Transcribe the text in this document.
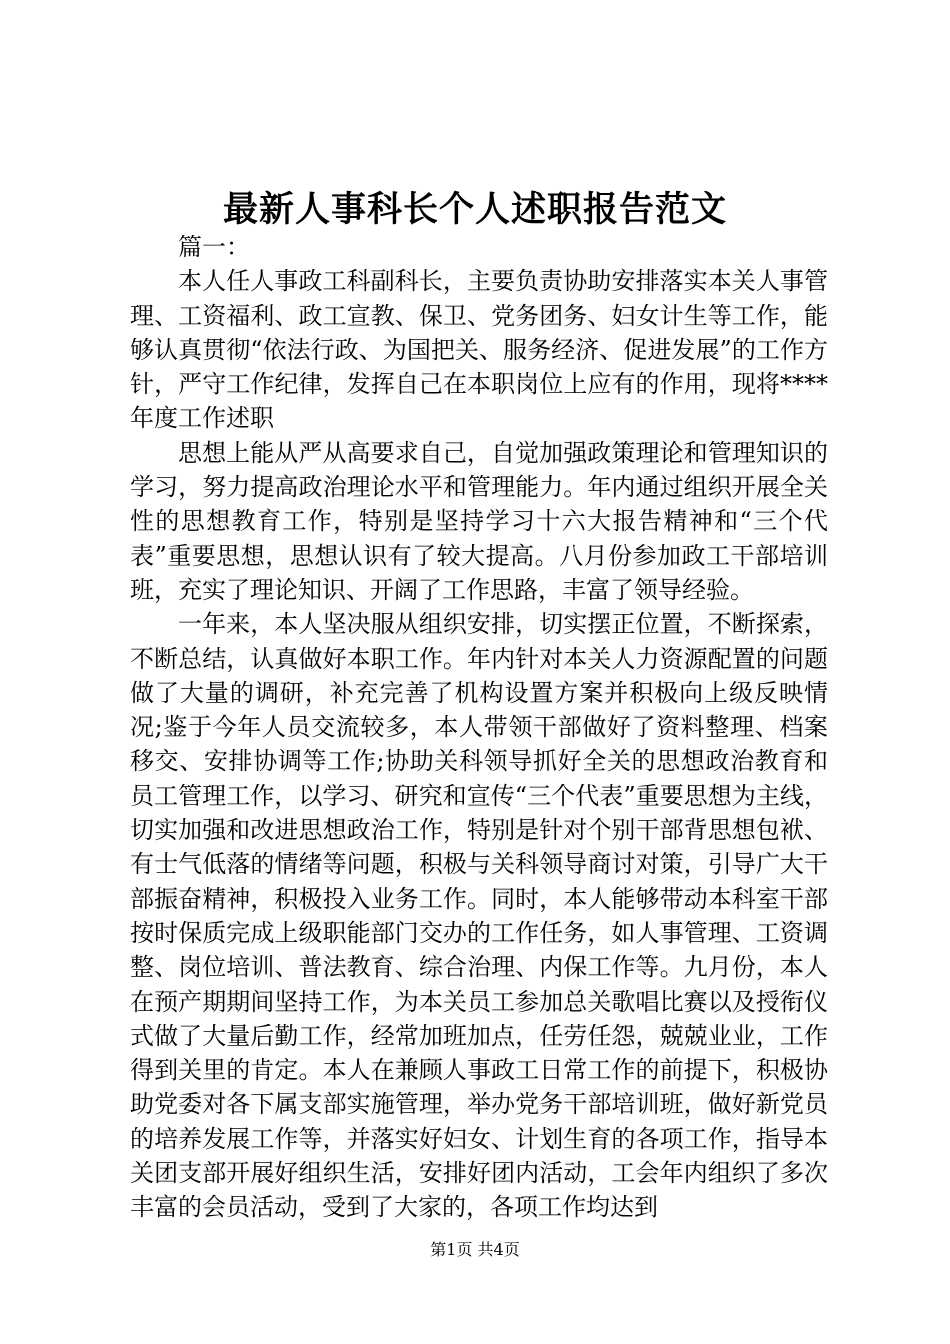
最新人事科长个人述职报告范文

篇一：

本人任人事政工科副科长，主要负责协助安排落实本关人事管理、工资福利、政工宣教、保卫、党务团务、妇女计生等工作，能够认真贯彻“依法行政、为国把关、服务经济、促进发展”的工作方针，严守工作纪律，发挥自己在本职岗位上应有的作用，现将****年度工作述职

思想上能从严从高要求自己，自觉加强政策理论和管理知识的学习，努力提高政治理论水平和管理能力。年内通过组织开展全关性的思想教育工作，特别是坚持学习十六大报告精神和“三个代表”重要思想，思想认识有了较大提高。八月份参加政工干部培训班，充实了理论知识、开阔了工作思路，丰富了领导经验。

一年来，本人坚决服从组织安排，切实摆正位置，不断探索，不断总结，认真做好本职工作。年内针对本关人力资源配置的问题做了大量的调研，补充完善了机构设置方案并积极向上级反映情况;鉴于今年人员交流较多，本人带领干部做好了资料整理、档案移交、安排协调等工作;协助关科领导抓好全关的思想政治教育和员工管理工作，以学习、研究和宣传“三个代表”重要思想为主线，切实加强和改进思想政治工作，特别是针对个别干部背思想包袱、有士气低落的情绪等问题，积极与关科领导商讨对策，引导广大干部振奋精神，积极投入业务工作。同时，本人能够带动本科室干部按时保质完成上级职能部门交办的工作任务，如人事管理、工资调整、岗位培训、普法教育、综合治理、内保工作等。九月份，本人在预产期期间坚持工作，为本关员工参加总关歌唱比赛以及授衔仪式做了大量后勤工作，经常加班加点，任劳任怨，兢兢业业，工作得到关里的肯定。本人在兼顾人事政工日常工作的前提下，积极协助党委对各下属支部实施管理，举办党务干部培训班，做好新党员的培养发展工作等，并落实好妇女、计划生育的各项工作，指导本关团支部开展好组织生活，安排好团内活动，工会年内组织了多次丰富的会员活动，受到了大家的，各项工作均达到

第1页 共4页
